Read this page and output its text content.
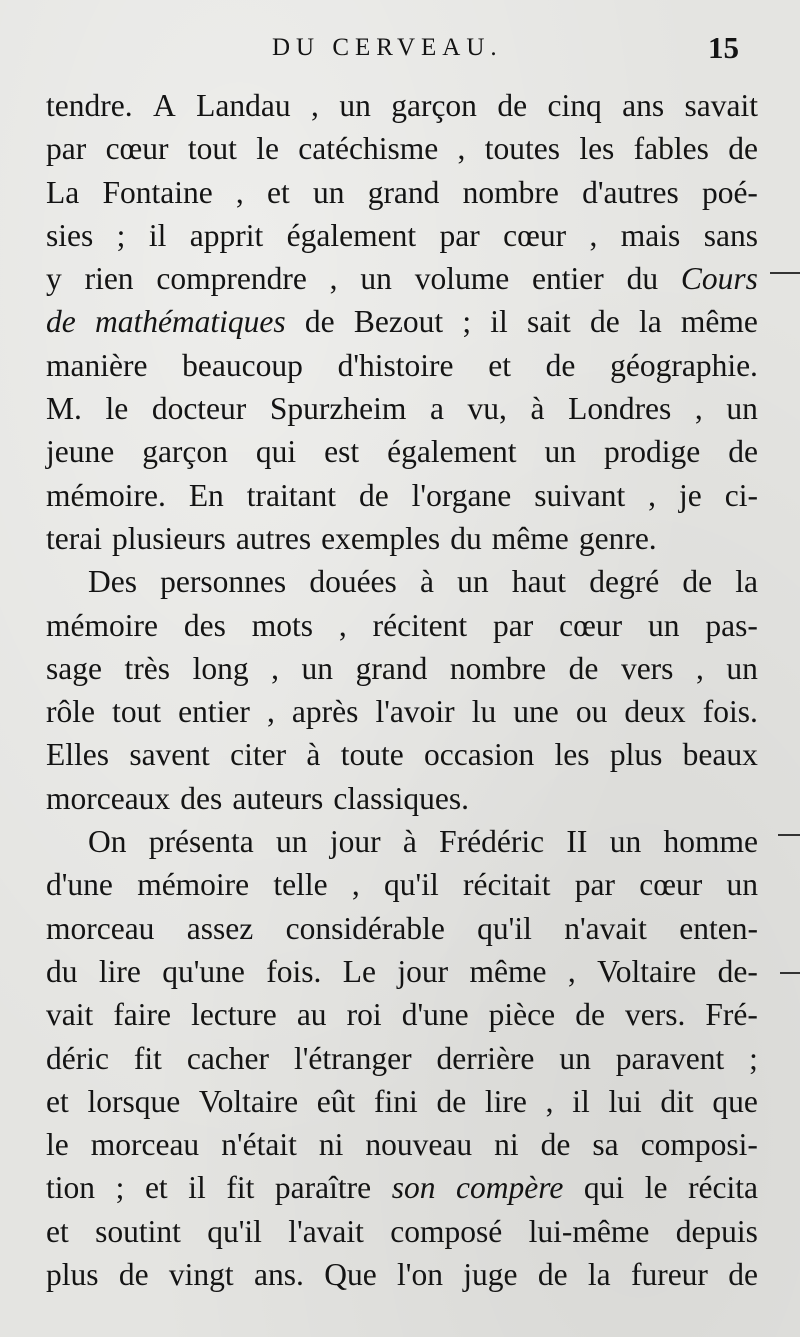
DU CERVEAU.	15
tendre. A Landau , un garçon de cinq ans savait
par cœur tout le catéchisme , toutes les fables de
La Fontaine , et un grand nombre d'autres poé-
sies ; il apprit également par cœur , mais sans
y rien comprendre , un volume entier du Cours
de mathématiques de Bezout ; il sait de la même
manière beaucoup d'histoire et de géographie.
M. le docteur Spurzheim a vu, à Londres , un
jeune garçon qui est également un prodige de
mémoire. En traitant de l'organe suivant , je ci-
terai plusieurs autres exemples du même genre.
Des personnes douées à un haut degré de la
mémoire des mots , récitent par cœur un pas-
sage très long , un grand nombre de vers , un
rôle tout entier , après l'avoir lu une ou deux fois.
Elles savent citer à toute occasion les plus beaux
morceaux des auteurs classiques.
On présenta un jour à Frédéric II un homme
d'une mémoire telle , qu'il récitait par cœur un
morceau assez considérable qu'il n'avait enten-
du lire qu'une fois. Le jour même , Voltaire de-
vait faire lecture au roi d'une pièce de vers. Fré-
déric fit cacher l'étranger derrière un paravent ;
et lorsque Voltaire eût fini de lire , il lui dit que
le morceau n'était ni nouveau ni de sa composi-
tion ; et il fit paraître son compère qui le récita
et soutint qu'il l'avait composé lui-même depuis
plus de vingt ans. Que l'on juge de la fureur de
